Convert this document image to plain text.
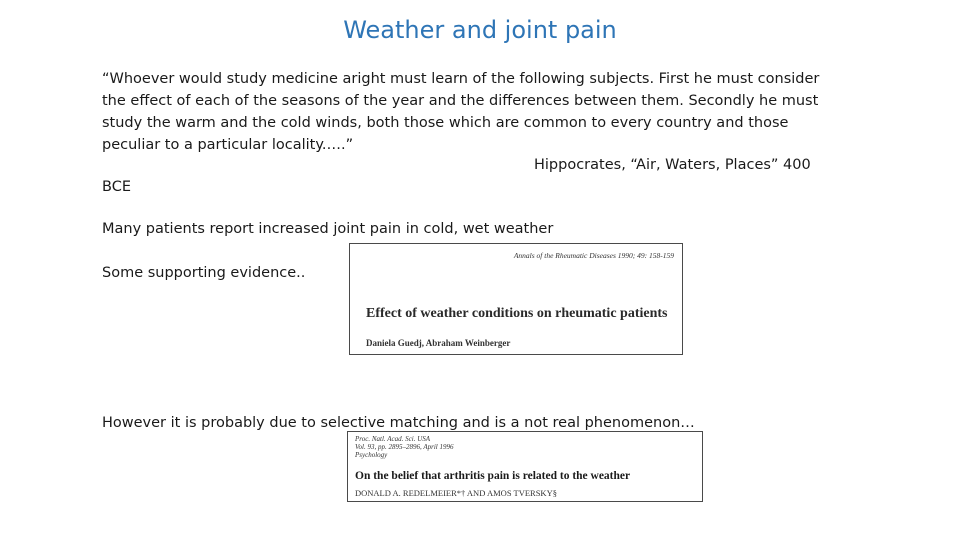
Weather and joint pain
“Whoever would study medicine aright must learn of the following subjects. First he must consider the effect of each of the seasons of the year and the differences between them. Secondly he must study the warm and the cold winds, both those which are common to every country and those peculiar to a particular locality.….”
Hippocrates, “Air, Waters, Places” 400
BCE
Many patients report increased joint pain in cold, wet weather
Some supporting evidence..
Annals of the Rheumatic Diseases 1990; 49: 158-159
Effect of weather conditions on rheumatic patients
Daniela Guedj, Abraham Weinberger
However it is probably due to selective matching and is a not real phenomenon…
Proc. Natl. Acad. Sci. USA
Vol. 93, pp. 2895–2896, April 1996
Psychology
On the belief that arthritis pain is related to the weather
DONALD A. REDELMEIER*† AND AMOS TVERSKY§
